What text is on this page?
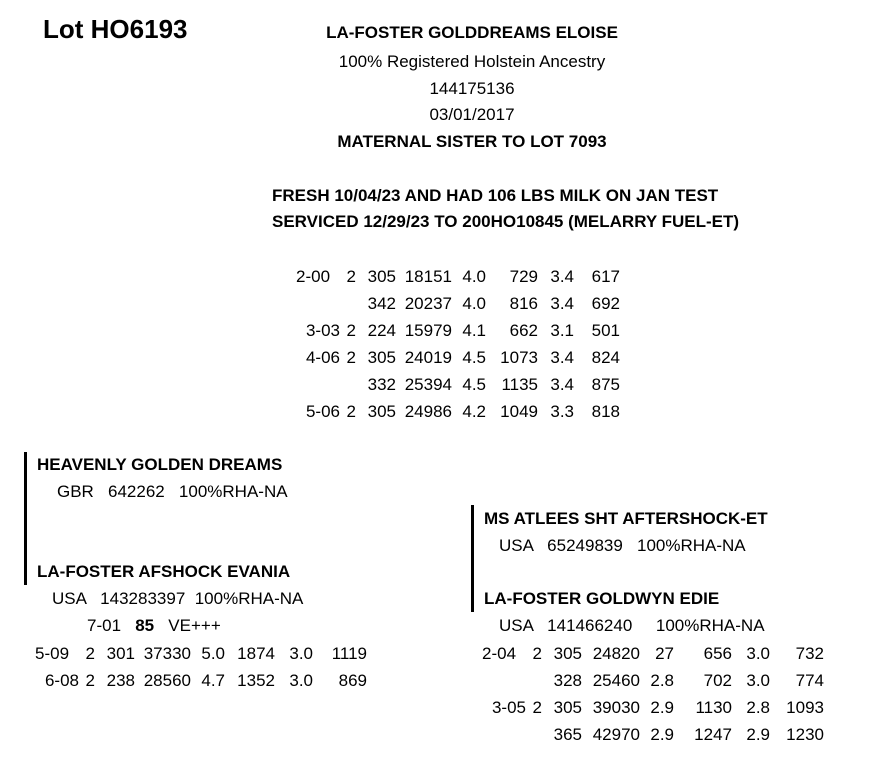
Lot HO6193	LA-FOSTER GOLDDREAMS ELOISE
100% Registered Holstein Ancestry
144175136
03/01/2017
MATERNAL SISTER TO LOT 7093
FRESH 10/04/23 AND HAD 106 LBS MILK ON JAN TEST
SERVICED 12/29/23 TO 200HO10845 (MELARRY FUEL-ET)
2-00 2 305 18151 4.0	729 3.4	617
342 20237 4.0	816 3.4	692
3-03 2 224 15979 4.1	662 3.1	501
4-06 2 305 24019 4.5 1073 3.4	824
332 25394 4.5 1135 3.4	875
5-06 2 305 24986 4.2 1049 3.3	818
HEAVENLY GOLDEN DREAMS
GBR   642262   100%RHA-NA
LA-FOSTER AFSHOCK EVANIA
USA   143283397  100%RHA-NA
7-01 85 VE+++
5-09 2 301 37330 5.0 1874 3.0	1119
6-08 2 238 28560 4.7 1352 3.0	869
MS ATLEES SHT AFTERSHOCK-ET
USA   65249839   100%RHA-NA
LA-FOSTER GOLDWYN EDIE
USA   141466240     100%RHA-NA
2-04 2 305 24820 27	656 3.0	732
328 25460 2.8	702 3.0	774
3-05 2 305 39030 2.9	1130 2.8 1093
365 42970 2.9	1247 2.9 1230
